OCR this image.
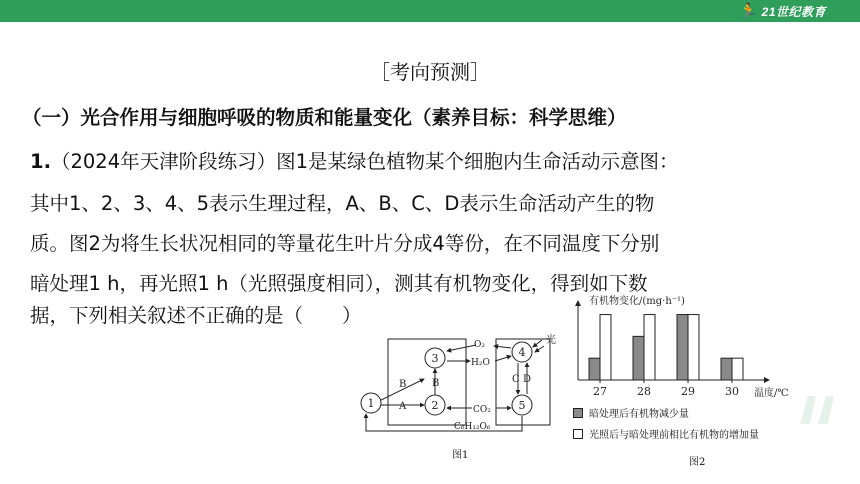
🏃 21世纪教育
［考向预测］
（一）光合作用与细胞呼吸的物质和能量变化（素养目标：科学思维）
1.（2024年天津阶段练习）图1是某绿色植物某个细胞内生命活动示意图：
其中1、2、3、4、5表示生理过程，A、B、C、D表示生命活动产生的物
质。图2为将生长状况相同的等量花生叶片分成4等份，在不同温度下分别
暗处理1 h，再光照1 h（光照强度相同），测其有机物变化，得到如下数
据，下列相关叙述不正确的是（　　）
1	2
3	4
5
B
A
B
O₂
H₂O
CO₂
C D
C₆H₁₂O₆
光
图1
27	28	29	30
有机物变化/(mg·h⁻¹)
温度/℃
暗处理后有机物减少量
光照后与暗处理前相比有机物的增加量
图2
